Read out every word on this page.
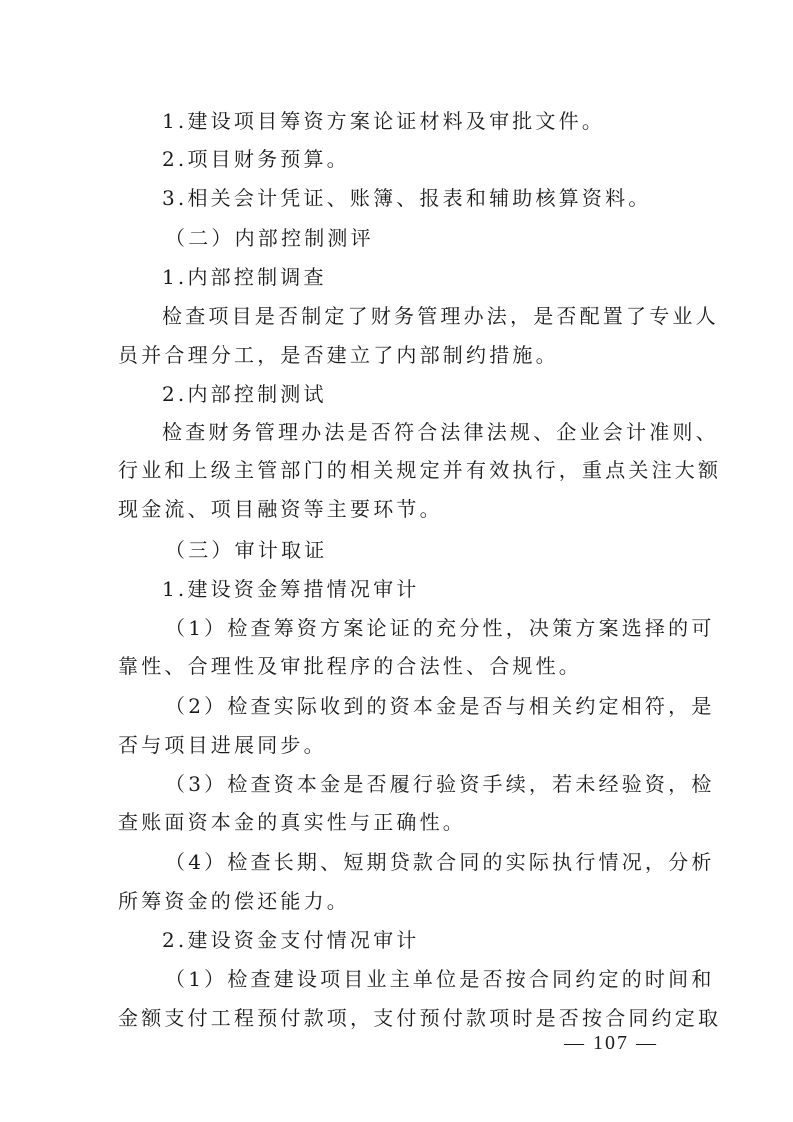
1.建设项目筹资方案论证材料及审批文件。
2.项目财务预算。
3.相关会计凭证、账簿、报表和辅助核算资料。
（二）内部控制测评
1.内部控制调查
检查项目是否制定了财务管理办法，是否配置了专业人
员并合理分工，是否建立了内部制约措施。
2.内部控制测试
检查财务管理办法是否符合法律法规、企业会计准则、
行业和上级主管部门的相关规定并有效执行，重点关注大额
现金流、项目融资等主要环节。
（三）审计取证
1.建设资金筹措情况审计
（1）检查筹资方案论证的充分性，决策方案选择的可
靠性、合理性及审批程序的合法性、合规性。
（2）检查实际收到的资本金是否与相关约定相符，是
否与项目进展同步。
（3）检查资本金是否履行验资手续，若未经验资，检
查账面资本金的真实性与正确性。
（4）检查长期、短期贷款合同的实际执行情况，分析
所筹资金的偿还能力。
2.建设资金支付情况审计
（1）检查建设项目业主单位是否按合同约定的时间和
金额支付工程预付款项，支付预付款项时是否按合同约定取
— 107 —
